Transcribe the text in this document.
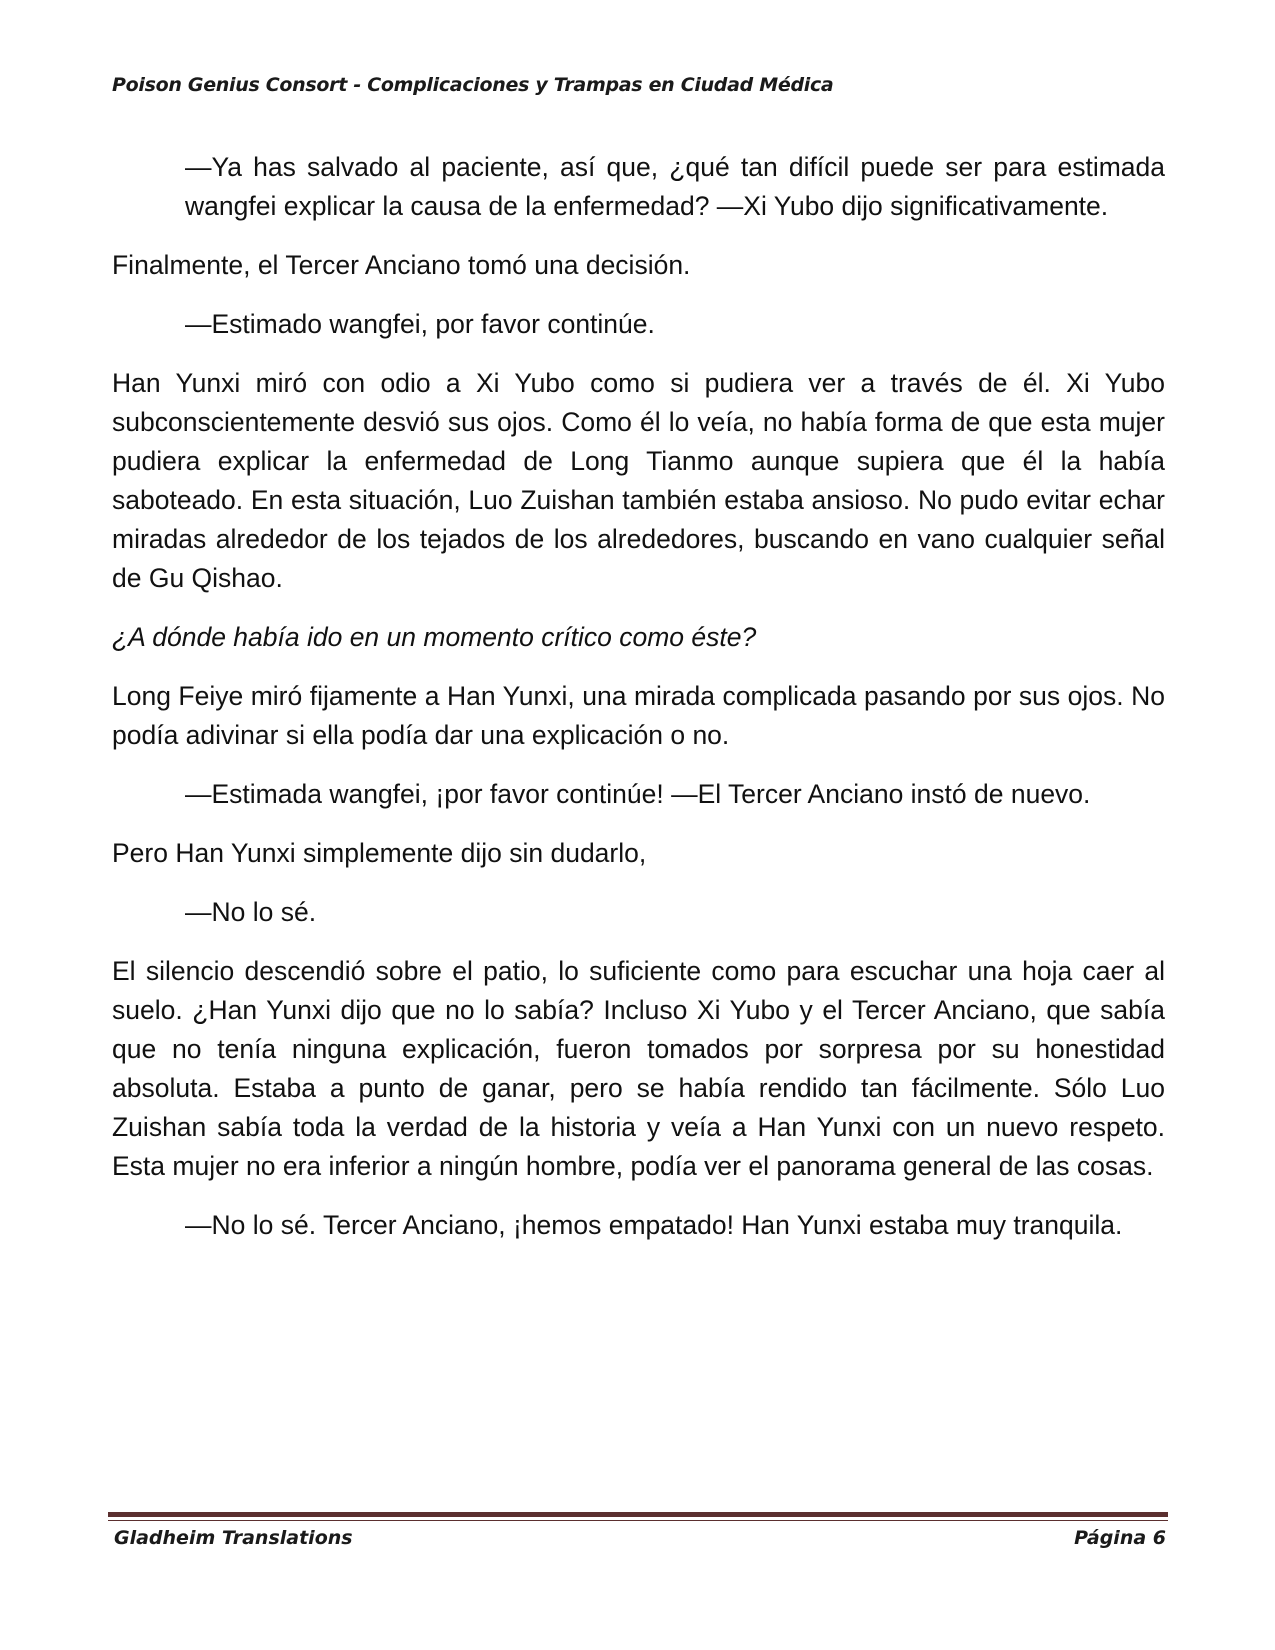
Poison Genius Consort - Complicaciones y Trampas en Ciudad Médica

—Ya has salvado al paciente, así que, ¿qué tan difícil puede ser para estimada wangfei explicar la causa de la enfermedad? —Xi Yubo dijo significativamente.

Finalmente, el Tercer Anciano tomó una decisión.

—Estimado wangfei, por favor continúe.

Han Yunxi miró con odio a Xi Yubo como si pudiera ver a través de él. Xi Yubo subconscientemente desvió sus ojos. Como él lo veía, no había forma de que esta mujer pudiera explicar la enfermedad de Long Tianmo aunque supiera que él la había saboteado. En esta situación, Luo Zuishan también estaba ansioso. No pudo evitar echar miradas alrededor de los tejados de los alrededores, buscando en vano cualquier señal de Gu Qishao.

¿A dónde había ido en un momento crítico como éste?

Long Feiye miró fijamente a Han Yunxi, una mirada complicada pasando por sus ojos. No podía adivinar si ella podía dar una explicación o no.

—Estimada wangfei, ¡por favor continúe! —El Tercer Anciano instó de nuevo.

Pero Han Yunxi simplemente dijo sin dudarlo,

—No lo sé.

El silencio descendió sobre el patio, lo suficiente como para escuchar una hoja caer al suelo. ¿Han Yunxi dijo que no lo sabía? Incluso Xi Yubo y el Tercer Anciano, que sabía que no tenía ninguna explicación, fueron tomados por sorpresa por su honestidad absoluta. Estaba a punto de ganar, pero se había rendido tan fácilmente. Sólo Luo Zuishan sabía toda la verdad de la historia y veía a Han Yunxi con un nuevo respeto. Esta mujer no era inferior a ningún hombre, podía ver el panorama general de las cosas.

—No lo sé. Tercer Anciano, ¡hemos empatado! Han Yunxi estaba muy tranquila.

Gladheim Translations	Página 6
